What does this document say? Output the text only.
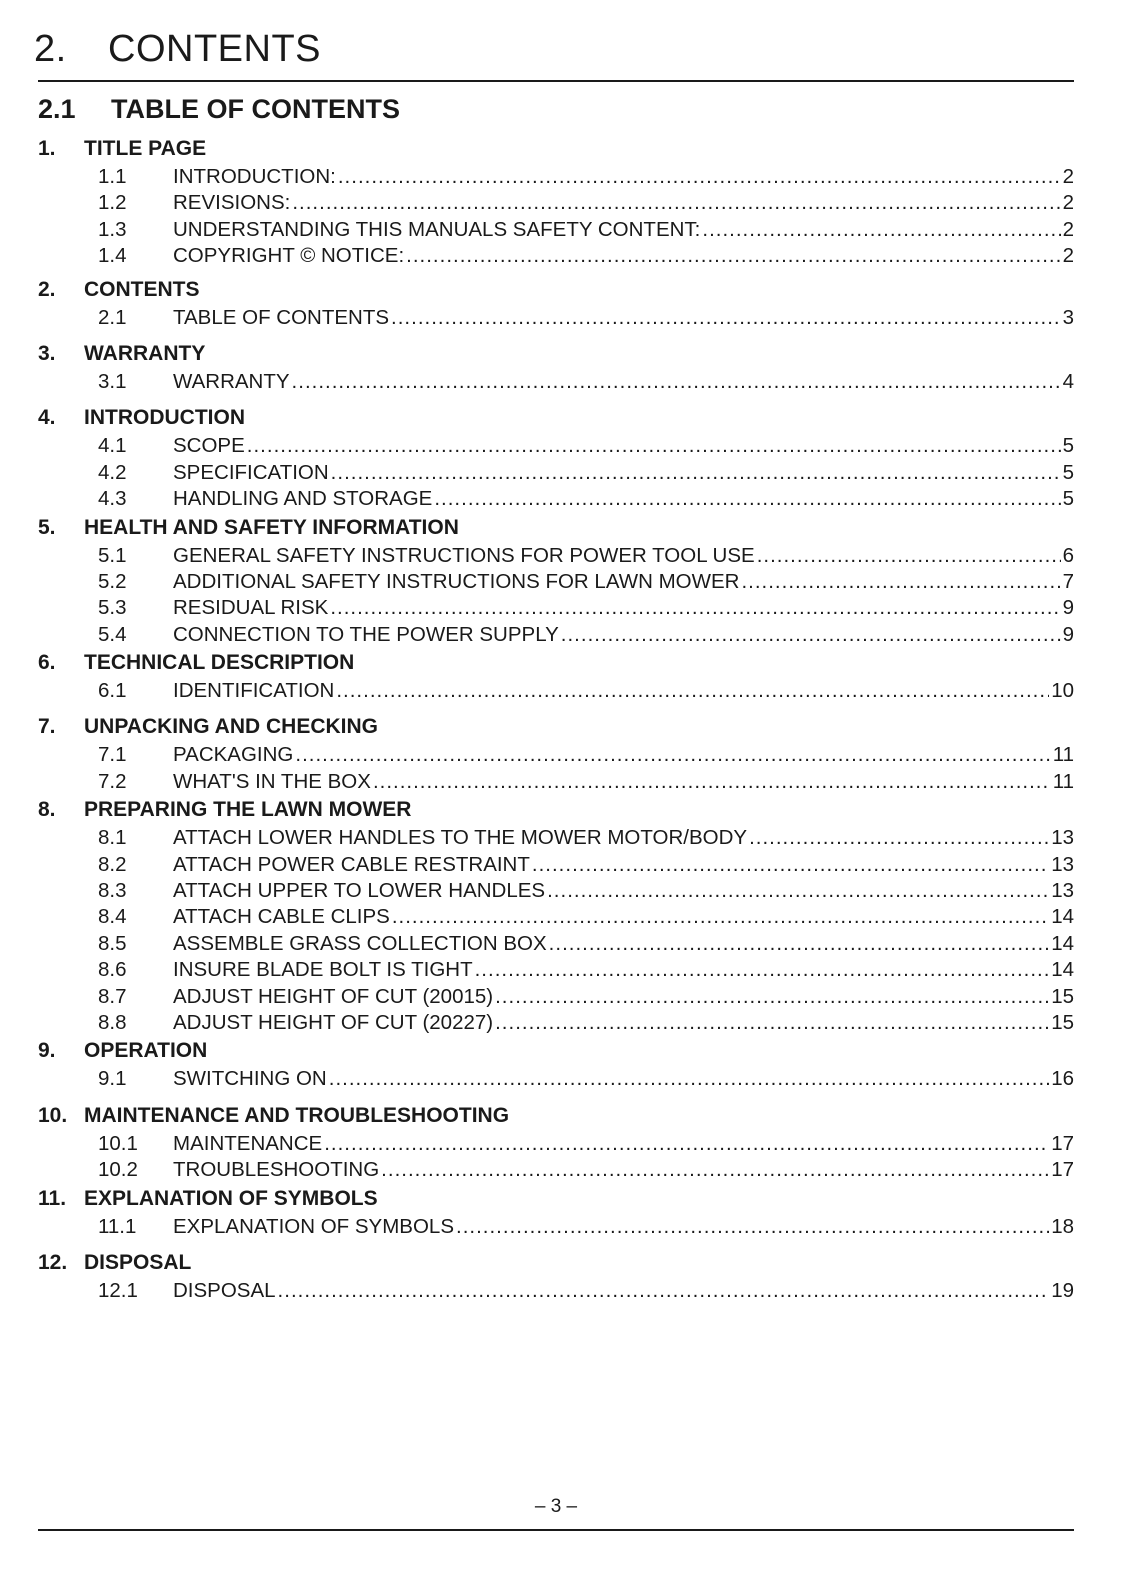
2. CONTENTS
2.1 TABLE OF CONTENTS
1. TITLE PAGE
1.1	INTRODUCTION: .....	2
1.2	REVISIONS: .....	2
1.3	UNDERSTANDING THIS MANUALS SAFETY CONTENT: .....	2
1.4	COPYRIGHT © NOTICE: .....	2
2. CONTENTS
2.1	TABLE OF CONTENTS .....	3
3. WARRANTY
3.1	WARRANTY .....	4
4. INTRODUCTION
4.1	SCOPE .....	5
4.2	SPECIFICATION .....	5
4.3	HANDLING AND STORAGE .....	5
5. HEALTH AND SAFETY INFORMATION
5.1	GENERAL SAFETY INSTRUCTIONS FOR POWER TOOL USE .....	6
5.2	ADDITIONAL SAFETY INSTRUCTIONS FOR LAWN MOWER .....	7
5.3	RESIDUAL RISK .....	9
5.4	CONNECTION TO THE POWER SUPPLY .....	9
6. TECHNICAL DESCRIPTION
6.1	IDENTIFICATION .....	10
7. UNPACKING AND CHECKING
7.1	PACKAGING .....	11
7.2	WHAT'S IN THE BOX .....	11
8. PREPARING THE LAWN MOWER
8.1	ATTACH LOWER HANDLES TO THE MOWER MOTOR/BODY .....	13
8.2	ATTACH POWER CABLE RESTRAINT .....	13
8.3	ATTACH UPPER TO LOWER HANDLES .....	13
8.4	ATTACH CABLE CLIPS .....	14
8.5	ASSEMBLE GRASS COLLECTION BOX .....	14
8.6	INSURE BLADE BOLT IS TIGHT .....	14
8.7	ADJUST HEIGHT OF CUT (20015) .....	15
8.8	ADJUST HEIGHT OF CUT (20227) .....	15
9. OPERATION
9.1	SWITCHING ON .....	16
10. MAINTENANCE AND TROUBLESHOOTING
10.1	MAINTENANCE .....	17
10.2	TROUBLESHOOTING .....	17
11. EXPLANATION OF SYMBOLS
11.1	EXPLANATION OF SYMBOLS .....	18
12. DISPOSAL
12.1	DISPOSAL .....	19
– 3 –
